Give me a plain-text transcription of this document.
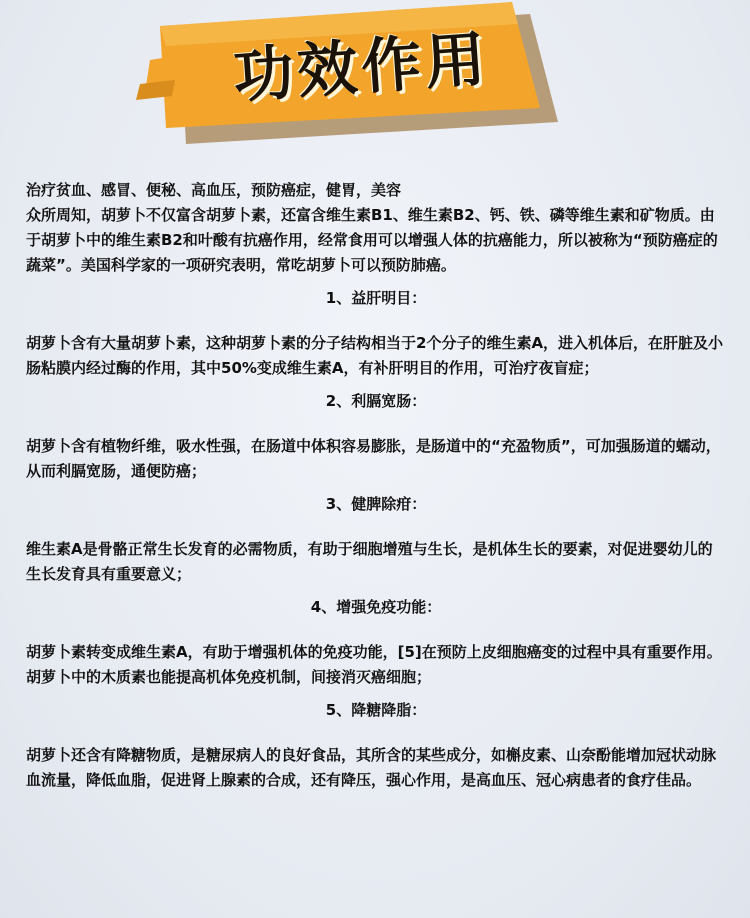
功效作用

治疗贫血、感冒、便秘、高血压，预防癌症，健胃，美容

众所周知，胡萝卜不仅富含胡萝卜素，还富含维生素B1、维生素B2、钙、铁、磷等维生素和矿物质。由于胡萝卜中的维生素B2和叶酸有抗癌作用，经常食用可以增强人体的抗癌能力，所以被称为“预防癌症的蔬菜”。美国科学家的一项研究表明，常吃胡萝卜可以预防肺癌。

1、益肝明目：

胡萝卜含有大量胡萝卜素，这种胡萝卜素的分子结构相当于2个分子的维生素A，进入机体后，在肝脏及小肠粘膜内经过酶的作用，其中50%变成维生素A，有补肝明目的作用，可治疗夜盲症；

2、利膈宽肠：

胡萝卜含有植物纤维，吸水性强，在肠道中体积容易膨胀，是肠道中的“充盈物质”，可加强肠道的蠕动，从而利膈宽肠，通便防癌；

3、健脾除疳：

维生素A是骨骼正常生长发育的必需物质，有助于细胞增殖与生长，是机体生长的要素，对促进婴幼儿的生长发育具有重要意义；

4、增强免疫功能：

胡萝卜素转变成维生素A，有助于增强机体的免疫功能，[5]在预防上皮细胞癌变的过程中具有重要作用。胡萝卜中的木质素也能提高机体免疫机制，间接消灭癌细胞；

5、降糖降脂：

胡萝卜还含有降糖物质，是糖尿病人的良好食品，其所含的某些成分，如槲皮素、山奈酚能增加冠状动脉血流量，降低血脂，促进肾上腺素的合成，还有降压，强心作用，是高血压、冠心病患者的食疗佳品。
